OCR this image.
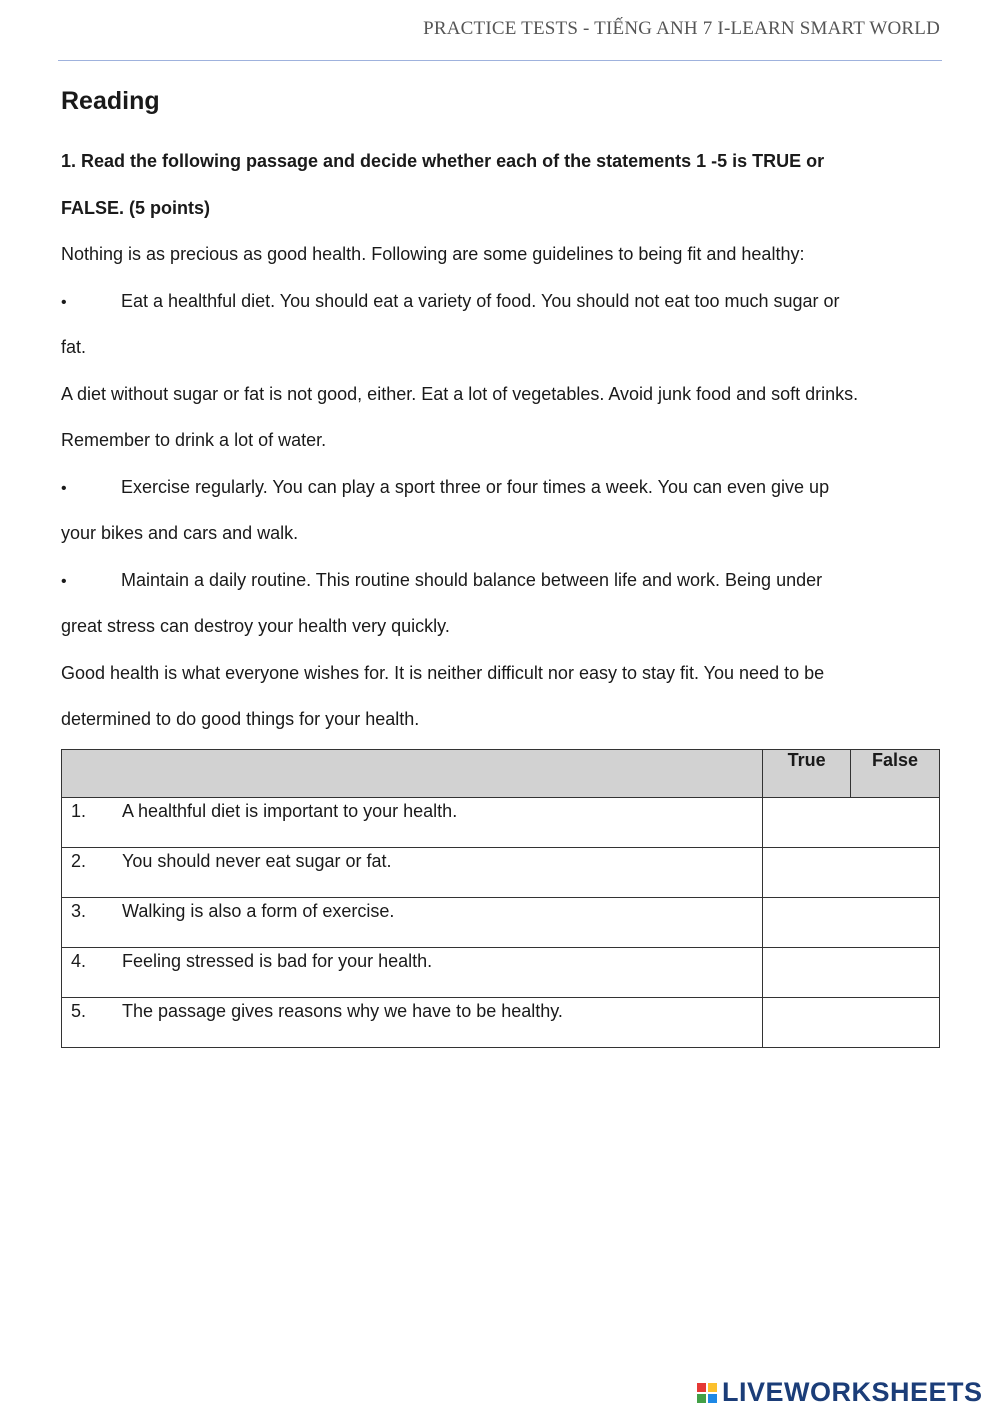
PRACTICE TESTS - TIẾNG ANH 7 I-LEARN SMART WORLD
Reading
1. Read the following passage and decide whether each of the statements 1 -5 is TRUE or
FALSE. (5 points)

Nothing is as precious as good health. Following are some guidelines to being fit and healthy:

•	Eat a healthful diet. You should eat a variety of food. You should not eat too much sugar or

fat.

A diet without sugar or fat is not good, either. Eat a lot of vegetables. Avoid junk food and soft drinks.

Remember to drink a lot of water.

•	Exercise regularly. You can play a sport three or four times a week. You can even give up

your bikes and cars and walk.

•	Maintain a daily routine. This routine should balance between life and work. Being under

great stress can destroy your health very quickly.

Good health is what everyone wishes for. It is neither difficult nor easy to stay fit. You need to be

determined to do good things for your health.

	True	False
1. A healthful diet is important to your health.		
2. You should never eat sugar or fat.		
3. Walking is also a form of exercise.		
4. Feeling stressed is bad for your health.		
5. The passage gives reasons why we have to be healthy.		
LIVEWORKSHEETS
